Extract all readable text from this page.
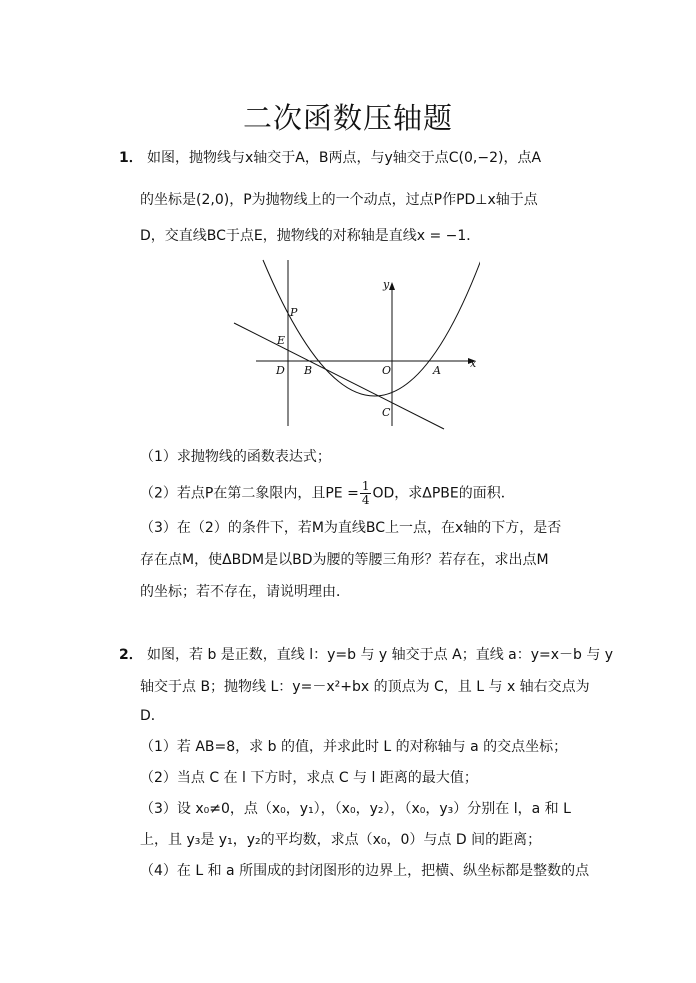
二次函数压轴题
1． 如图，抛物线与x轴交于A，B两点，与y轴交于点C(0,−2)，点A
的坐标是(2,0)，P为抛物线上的一个动点，过点P作PD⊥x轴于点
D，交直线BC于点E，抛物线的对称轴是直线x = −1．
y
x
P
E
D B	O	A
C
（1）求抛物线的函数表达式；
（2）若点P在第二象限内，且PE = $\frac{1}{4}$ OD，求ΔPBE的面积．
（3）在（2）的条件下，若M为直线BC上一点，在x轴的下方，是否
存在点M，使ΔBDM是以BD为腰的等腰三角形？若存在，求出点M
的坐标；若不存在，请说明理由．
2． 如图，若 b 是正数，直线 l：y=b 与 y 轴交于点 A；直线 a：y=x－b 与 y
轴交于点 B；抛物线 L：y=－x²+bx 的顶点为 C，且 L 与 x 轴右交点为
D．
（1）若 AB=8，求 b 的值，并求此时 L 的对称轴与 a 的交点坐标；
（2）当点 C 在 l 下方时，求点 C 与 l 距离的最大值；
（3）设 x₀≠0，点（x₀，y₁），（x₀，y₂），（x₀，y₃）分别在 l，a 和 L
上，且 y₃是 y₁，y₂的平均数，求点（x₀，0）与点 D 间的距离；
（4）在 L 和 a 所围成的封闭图形的边界上，把横、纵坐标都是整数的点
